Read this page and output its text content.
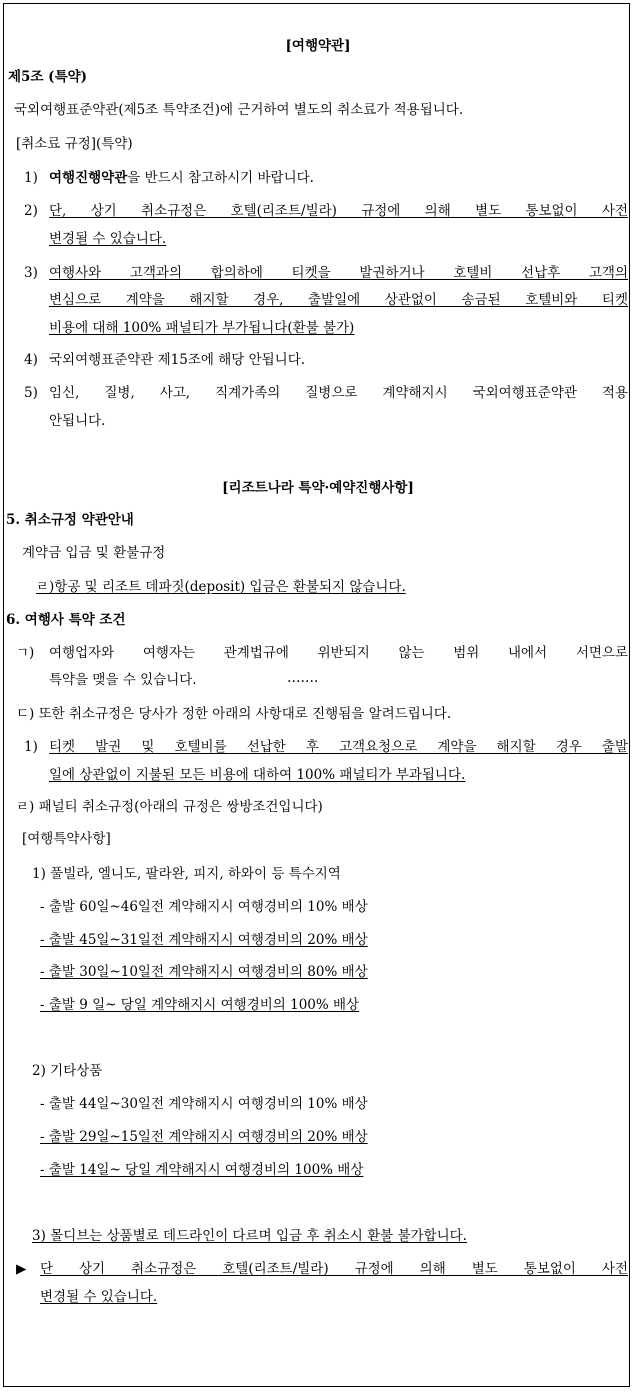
[여행약관]
제5조 (특약)
국외여행표준약관(제5조 특약조건)에 근거하여 별도의 취소료가 적용됩니다.
[취소료 규정](특약)
1) 여행진행약관을 반드시 참고하시기 바랍니다.
2) 단, 상기 취소규정은 호텔(리조트/빌라) 규정에 의해 별도 통보없이 사전
변경될 수 있습니다.
3) 여행사와 고객과의 합의하에 티켓을 발권하거나 호텔비 선납후 고객의
변심으로 계약을 해지할 경우, 출발일에 상관없이 송금된 호텔비와 티켓
비용에 대해 100% 패널티가 부가됩니다(환불 불가)
4) 국외여행표준약관 제15조에 해당 안됩니다.
5) 임신, 질병, 사고, 직계가족의 질병으로 계약해지시 국외여행표준약관 적용
안됩니다.
[리조트나라 특약·예약진행사항]
5. 취소규정 약관안내
계약금 입금 및 환불규정
ㄹ)항공 및 리조트 데파짓(deposit) 입금은 환불되지 않습니다.
6. 여행사 특약 조건
ㄱ) 여행업자와 여행자는 관계법규에 위반되지 않는 범위 내에서 서면으로
특약을 맺을 수 있습니다.	…….
ㄷ) 또한 취소규정은 당사가 정한 아래의 사항대로 진행됨을 알려드립니다.
1) 티켓 발권 및 호텔비를 선납한 후 고객요청으로 계약을 해지할 경우 출발
일에 상관없이 지불된 모든 비용에 대하여 100% 패널티가 부과됩니다.
ㄹ) 패널티 취소규정(아래의 규정은 쌍방조건입니다)
[여행특약사항]
1) 풀빌라, 엘니도, 팔라완, 피지, 하와이 등 특수지역
- 출발 60일~46일전 계약해지시 여행경비의 10% 배상
- 출발 45일~31일전 계약해지시 여행경비의 20% 배상
- 출발 30일~10일전 계약해지시 여행경비의 80% 배상
- 출발 9 일~ 당일 계약해지시 여행경비의 100% 배상
2) 기타상품
- 출발 44일~30일전 계약해지시 여행경비의 10% 배상
- 출발 29일~15일전 계약해지시 여행경비의 20% 배상
- 출발 14일~ 당일 계약해지시 여행경비의 100% 배상
3) 몰디브는 상품별로 데드라인이 다르며 입금 후 취소시 환불 불가합니다.
▶ 단 상기 취소규정은 호텔(리조트/빌라) 규정에 의해 별도 통보없이 사전
변경될 수 있습니다.
